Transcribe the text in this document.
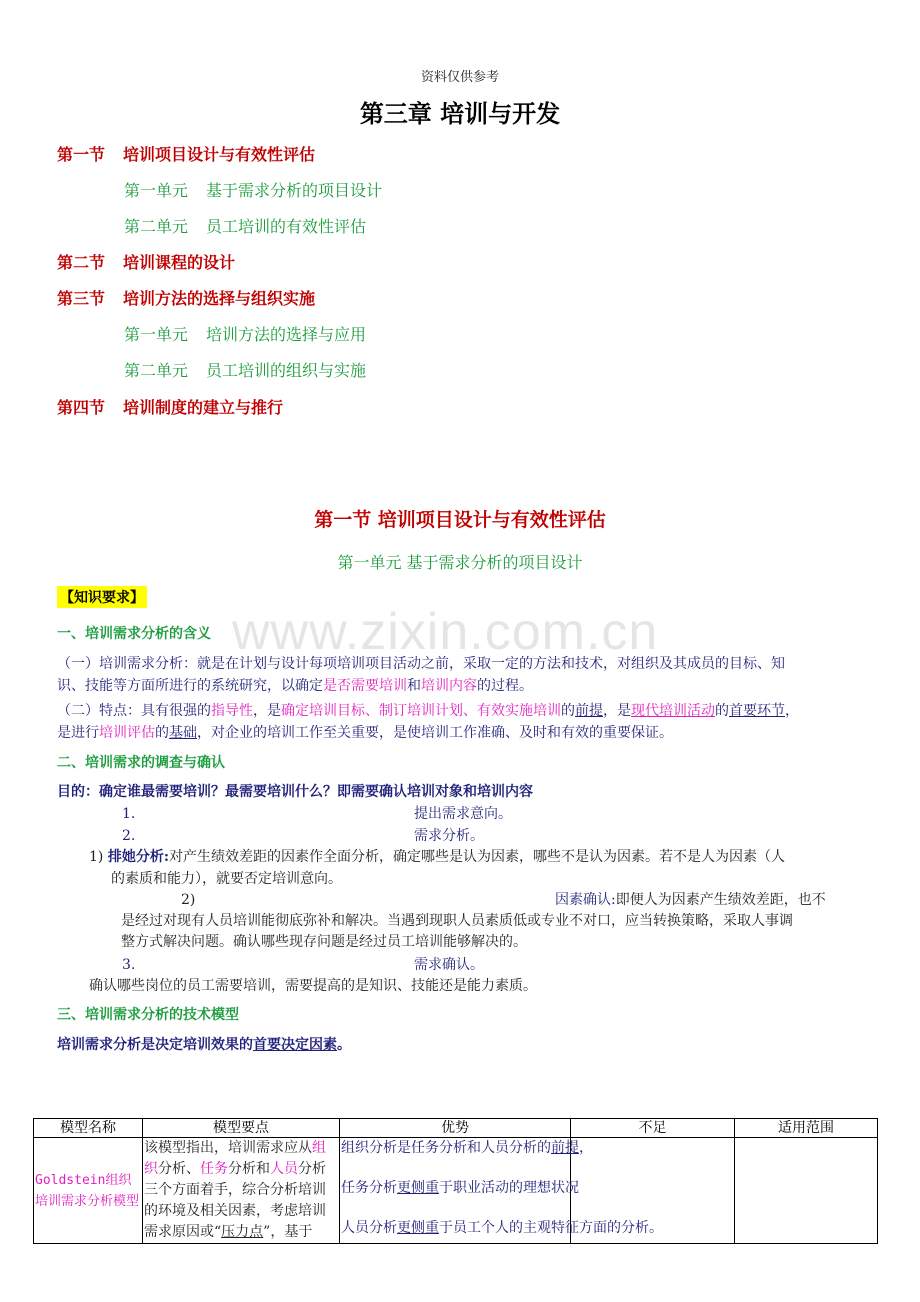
资料仅供参考
第三章 培训与开发
第一节 培训项目设计与有效性评估
第一单元 基于需求分析的项目设计
第二单元 员工培训的有效性评估
第二节 培训课程的设计
第三节 培训方法的选择与组织实施
第一单元 培训方法的选择与应用
第二单元 员工培训的组织与实施
第四节 培训制度的建立与推行
第一节 培训项目设计与有效性评估
第一单元 基于需求分析的项目设计
【知识要求】
www.zixin.com.cn
一、培训需求分析的含义
（一）培训需求分析：就是在计划与设计每项培训项目活动之前，采取一定的方法和技术，对组织及其成员的目标、知
识、技能等方面所进行的系统研究，以确定是否需要培训和培训内容的过程。
（二）特点：具有很强的指导性，是确定培训目标、制订培训计划、有效实施培训的前提，是现代培训活动的首要环节，
是进行培训评估的基础，对企业的培训工作至关重要，是使培训工作准确、及时和有效的重要保证。
二、培训需求的调查与确认
目的：确定谁最需要培训？最需要培训什么？即需要确认培训对象和培训内容
1.	提出需求意向。
2.	需求分析。
1) 排她分析:对产生绩效差距的因素作全面分析，确定哪些是认为因素，哪些不是认为因素。若不是人为因素（人
的素质和能力），就要否定培训意向。
2)	因素确认:即便人为因素产生绩效差距，也不
是经过对现有人员培训能彻底弥补和解决。当遇到现职人员素质低或专业不对口，应当转换策略，采取人事调
整方式解决问题。确认哪些现存问题是经过员工培训能够解决的。
3.	需求确认。
确认哪些岗位的员工需要培训，需要提高的是知识、技能还是能力素质。
三、培训需求分析的技术模型
培训需求分析是决定培训效果的首要决定因素。
模型名称	模型要点	优势	不足	适用范围
Goldstein组织培训需求分析模型	该模型指出，培训需求应从组织分析、任务分析和人员分析三个方面着手，综合分析培训的环境及相关因素，考虑培训需求原因或“压力点”，基于	组织分析是任务分析和人员分析的前提，
任务分析更侧重于职业活动的理想状况
人员分析更侧重于员工个人的主观特征方面的分析。		
